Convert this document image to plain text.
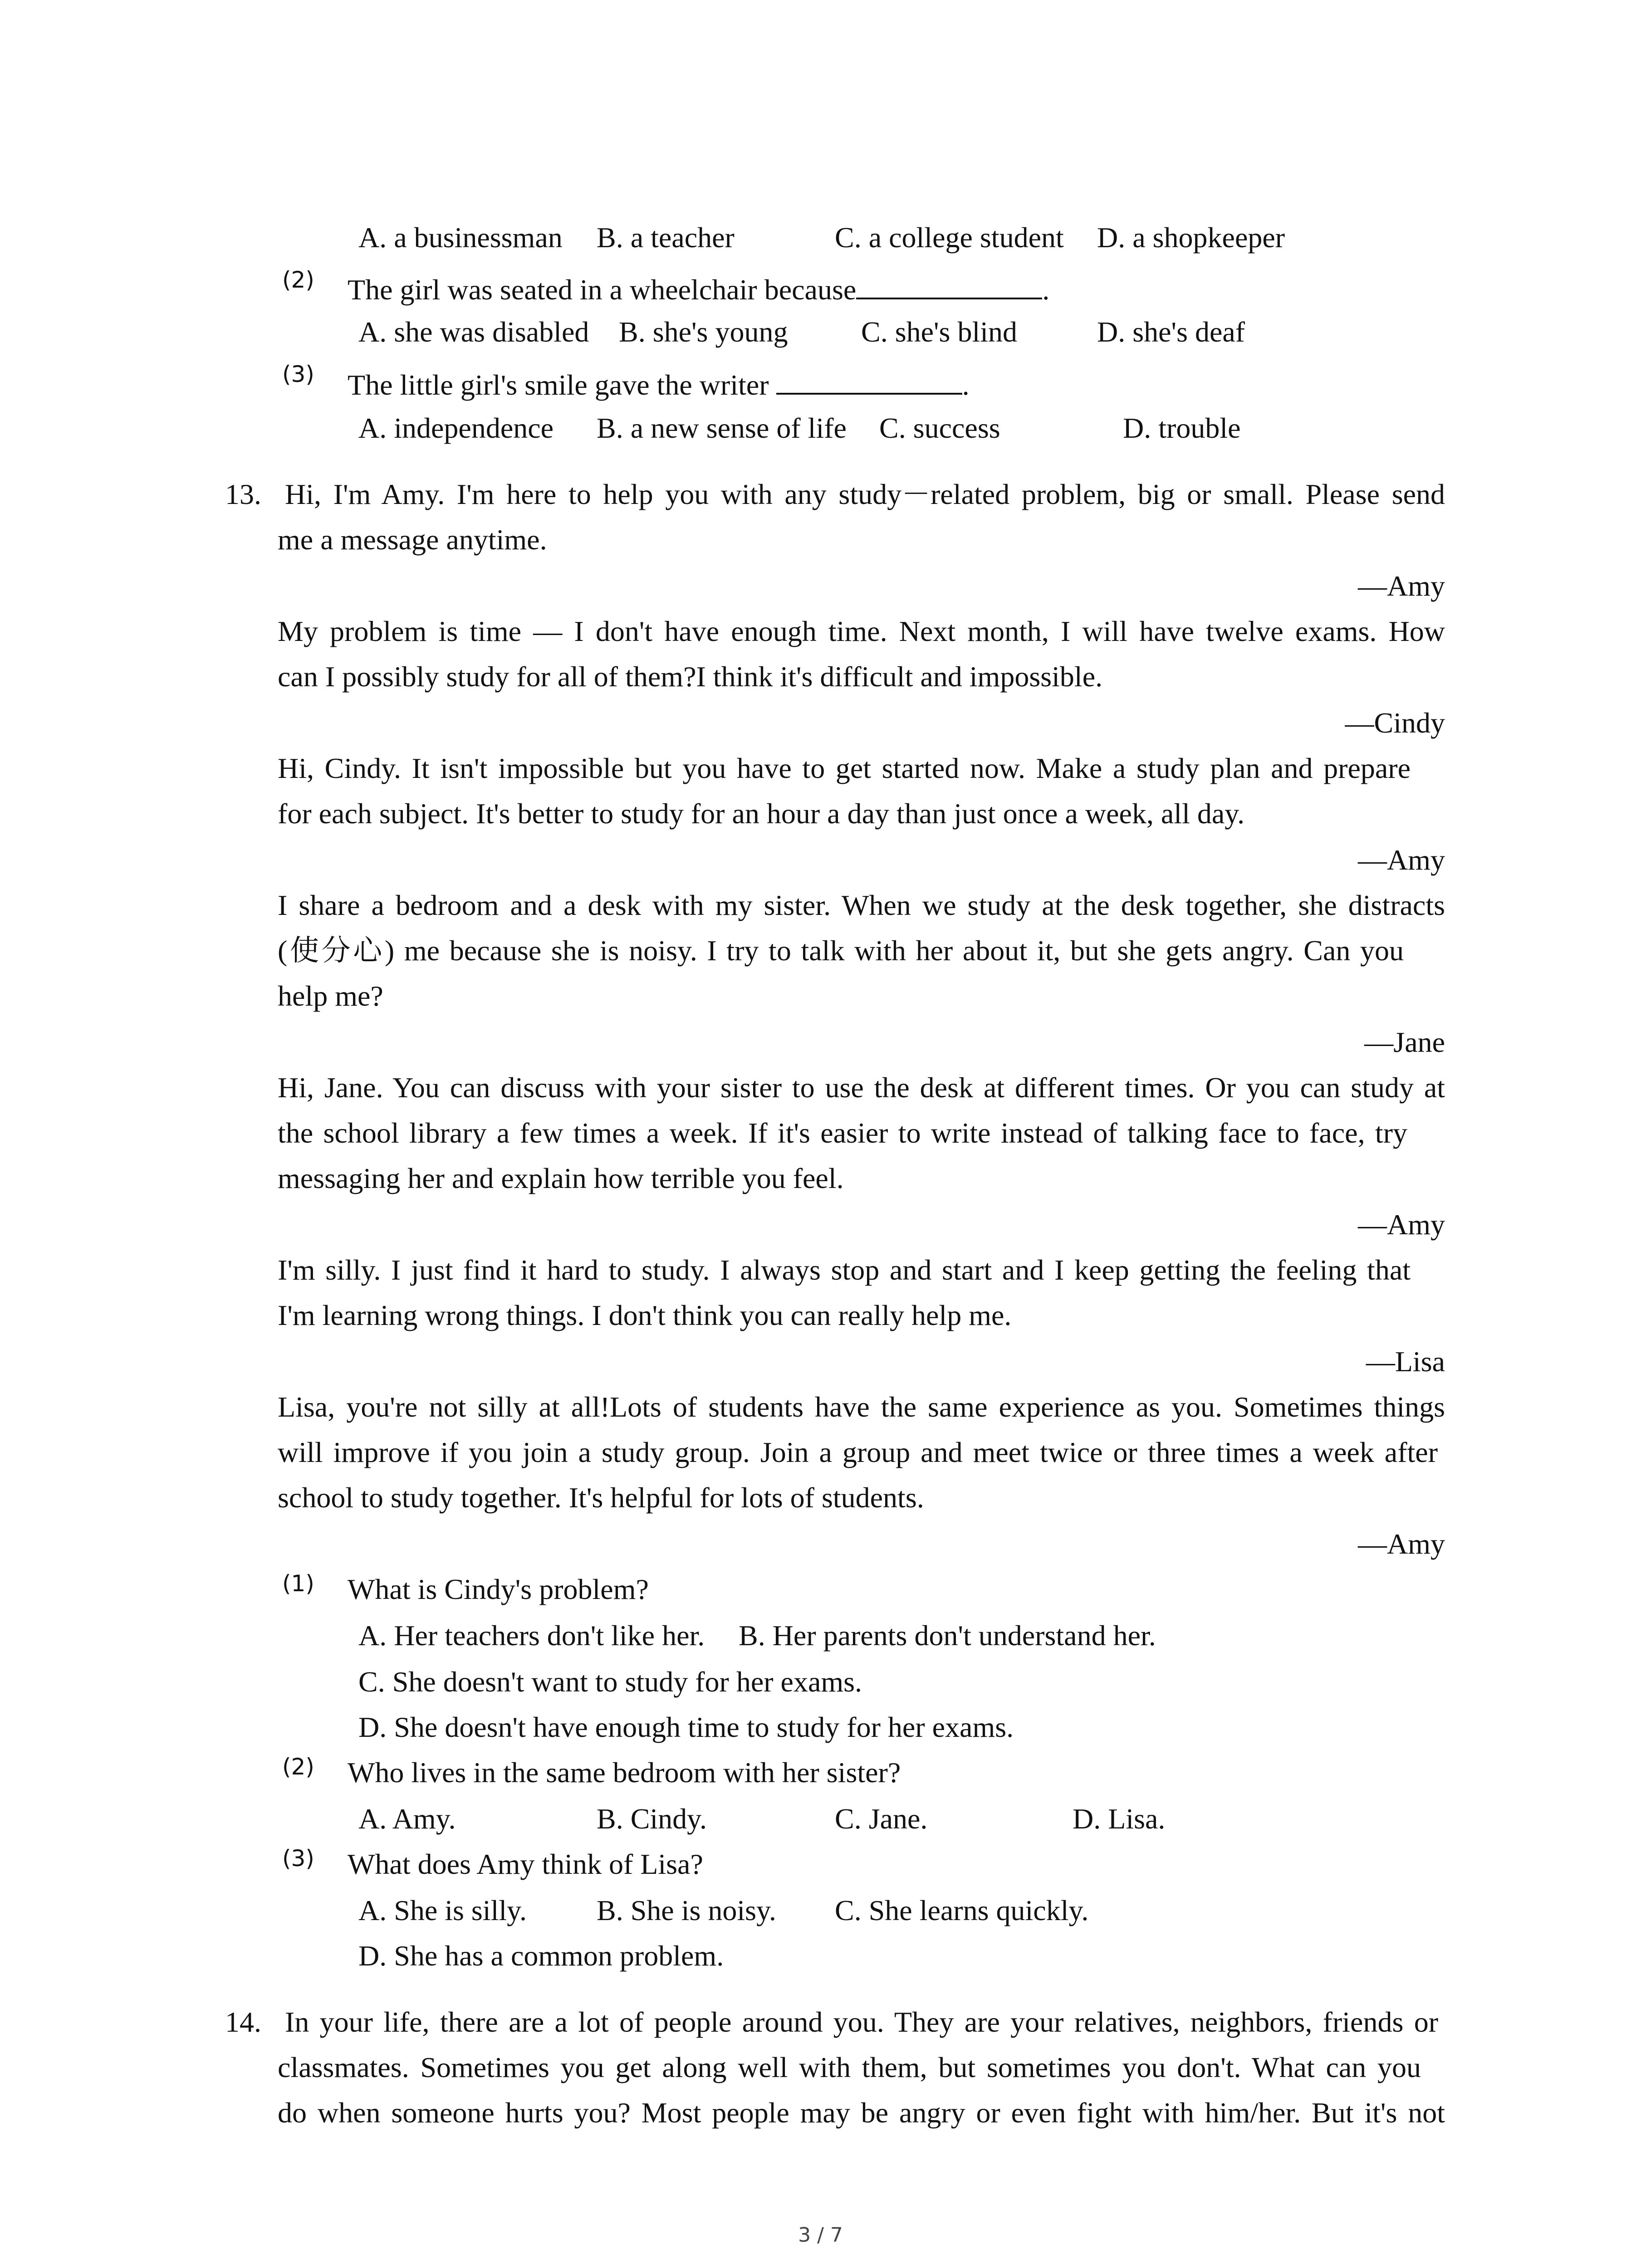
A. a businessman B. a teacher	C. a college student D. a shopkeeper
(2) The girl was seated in a wheelchair because	.
A. she was disabled B. she's young	C. she's blind	D. she's deaf
(3) The little girl's smile gave the writer	.
A. independence B. a new sense of life C. success	D. trouble
13. Hi, I'm Amy. I'm here to help you with any study－related problem, big or small. Please send
me a message anytime.
—Amy
My problem is time — I don't have enough time. Next month, I will have twelve exams. How
can I possibly study for all of them?I think it's difficult and impossible.
—Cindy
Hi, Cindy. It isn't impossible but you have to get started now. Make a study plan and prepare
for each subject. It's better to study for an hour a day than just once a week, all day.
—Amy
I share a bedroom and a desk with my sister. When we study at the desk together, she distracts
(使分心) me because she is noisy. I try to talk with her about it, but she gets angry. Can you
help me?
—Jane
Hi, Jane. You can discuss with your sister to use the desk at different times. Or you can study at
the school library a few times a week. If it's easier to write instead of talking face to face, try
messaging her and explain how terrible you feel.
—Amy
I'm silly. I just find it hard to study. I always stop and start and I keep getting the feeling that
I'm learning wrong things. I don't think you can really help me.
—Lisa
Lisa, you're not silly at all!Lots of students have the same experience as you. Sometimes things
will improve if you join a study group. Join a group and meet twice or three times a week after
school to study together. It's helpful for lots of students.
—Amy
(1) What is Cindy's problem?
A. Her teachers don't like her. B. Her parents don't understand her.
C. She doesn't want to study for her exams.
D. She doesn't have enough time to study for her exams.
(2) Who lives in the same bedroom with her sister?
A. Amy.	B. Cindy.	C. Jane.	D. Lisa.
(3) What does Amy think of Lisa?
A. She is silly. B. She is noisy. C. She learns quickly.
D. She has a common problem.
14. In your life, there are a lot of people around you. They are your relatives, neighbors, friends or
classmates. Sometimes you get along well with them, but sometimes you don't. What can you
do when someone hurts you? Most people may be angry or even fight with him/her. But it's not
3 / 7
